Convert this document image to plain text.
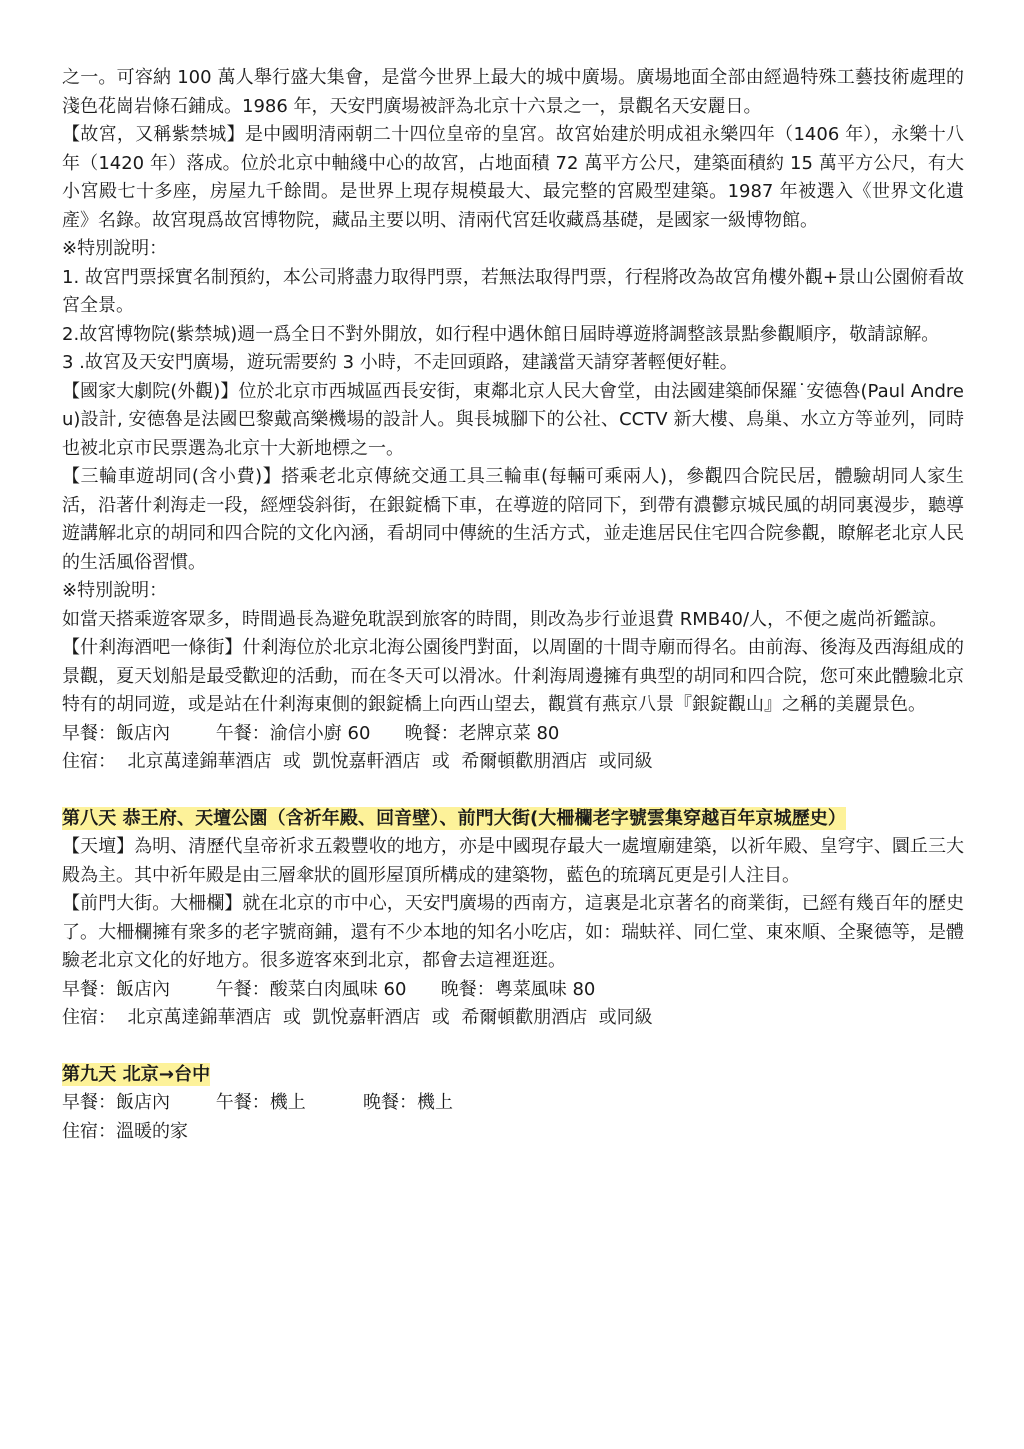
之一。可容納 100 萬人舉行盛大集會，是當今世界上最大的城中廣場。廣場地面全部由經過特殊工藝技術處理的淺色花崗岩條石鋪成。1986 年，天安門廣場被評為北京十六景之一，景觀名天安麗日。

【故宮，又稱紫禁城】是中國明清兩朝二十四位皇帝的皇宮。故宮始建於明成祖永樂四年（1406 年），永樂十八年（1420 年）落成。位於北京中軸綫中心的故宮，占地面積 72 萬平方公尺，建築面積約 15 萬平方公尺，有大小宮殿七十多座，房屋九千餘間。是世界上現存規模最大、最完整的宮殿型建築。1987 年被選入《世界文化遺產》名錄。故宮現爲故宮博物院，藏品主要以明、清兩代宮廷收藏爲基礎，是國家一級博物館。

※特別說明：

1. 故宮門票採實名制預約，本公司將盡力取得門票，若無法取得門票，行程將改為故宮角樓外觀+景山公園俯看故宮全景。

2.故宮博物院(紫禁城)週一爲全日不對外開放，如行程中遇休館日屆時導遊將調整該景點參觀順序，敬請諒解。

3 .故宮及天安門廣場，遊玩需要約 3 小時，不走回頭路，建議當天請穿著輕便好鞋。

【國家大劇院(外觀)】位於北京市西城區西長安街，東鄰北京人民大會堂，由法國建築師保羅˙安德魯(Paul Andreu)設計, 安德魯是法國巴黎戴高樂機場的設計人。與長城腳下的公社、CCTV 新大樓、鳥巢、水立方等並列，同時也被北京市民票選為北京十大新地標之一。

【三輪車遊胡同(含小費)】搭乘老北京傳統交通工具三輪車(每輛可乘兩人)，參觀四合院民居，體驗胡同人家生活，沿著什剎海走一段，經煙袋斜街，在銀錠橋下車，在導遊的陪同下，到帶有濃鬱京城民風的胡同裏漫步，聽導遊講解北京的胡同和四合院的文化內涵，看胡同中傳統的生活方式，並走進居民住宅四合院參觀，瞭解老北京人民的生活風俗習慣。

※特別說明：

如當天搭乘遊客眾多，時間過長為避免耽誤到旅客的時間，則改為步行並退費 RMB40/人，不便之處尚祈鑑諒。

【什剎海酒吧一條街】什剎海位於北京北海公園後門對面，以周圍的十間寺廟而得名。由前海、後海及西海組成的景觀，夏天划船是最受歡迎的活動，而在冬天可以滑冰。什剎海周邊擁有典型的胡同和四合院，您可來此體驗北京特有的胡同遊，或是站在什剎海東側的銀錠橋上向西山望去，觀賞有燕京八景『銀錠觀山』之稱的美麗景色。

早餐：飯店內        午餐：渝信小廚 60      晚餐：老牌京菜 80

住宿：  北京萬達錦華酒店  或  凱悅嘉軒酒店  或  希爾頓歡朋酒店  或同級

第八天 恭王府、天壇公園（含祈年殿、回音壁）、前門大街(大柵欄老字號雲集穿越百年京城歷史）

【天壇】為明、清歷代皇帝祈求五穀豐收的地方，亦是中國現存最大一處壇廟建築，以祈年殿、皇穹宇、圜丘三大殿為主。其中祈年殿是由三層傘狀的圓形屋頂所構成的建築物，藍色的琉璃瓦更是引人注目。

【前門大街。大柵欄】就在北京的市中心，天安門廣場的西南方，這裏是北京著名的商業街，已經有幾百年的歷史了。大柵欄擁有衆多的老字號商鋪，還有不少本地的知名小吃店，如：瑞蚨祥、同仁堂、東來順、全聚德等，是體驗老北京文化的好地方。很多遊客來到北京，都會去這裡逛逛。

早餐：飯店內        午餐：酸菜白肉風味 60      晚餐：粵菜風味 80

住宿：  北京萬達錦華酒店  或  凱悅嘉軒酒店  或  希爾頓歡朋酒店  或同級

第九天 北京→台中

早餐：飯店內        午餐：機上          晚餐：機上

住宿：溫暖的家
